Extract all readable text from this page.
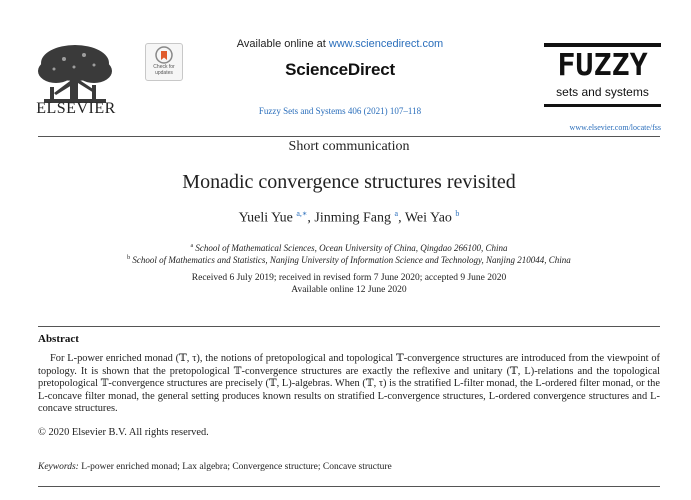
ELSEVIER
Check for updates
Available online at www.sciencedirect.com
ScienceDirect
Fuzzy Sets and Systems 406 (2021) 107–118
FUZZY
sets and systems
www.elsevier.com/locate/fss
Short communication
Monadic convergence structures revisited
Yueli Yue $^{a,∗}$, Jinming Fang $^a$, Wei Yao $^b$
$^a$ School of Mathematical Sciences, Ocean University of China, Qingdao 266100, China
$^b$ School of Mathematics and Statistics, Nanjing University of Information Science and Technology, Nanjing 210044, China
Received 6 July 2019; received in revised form 7 June 2020; accepted 9 June 2020
Available online 12 June 2020
Abstract
For L-power enriched monad (𝕋, τ), the notions of pretopological and topological 𝕋-convergence structures are introduced from the viewpoint of topology. It is shown that the pretopological 𝕋-convergence structures are exactly the reflexive and unitary (𝕋, L)-relations and the topological pretopological 𝕋-convergence structures are precisely (𝕋, L)-algebras. When (𝕋, τ) is the stratified L-filter monad, the L-ordered filter monad, or the L-concave filter monad, the general setting produces known results on stratified L-convergence structures, L-ordered convergence structures and L-concave structures.
© 2020 Elsevier B.V. All rights reserved.
Keywords: L-power enriched monad; Lax algebra; Convergence structure; Concave structure
